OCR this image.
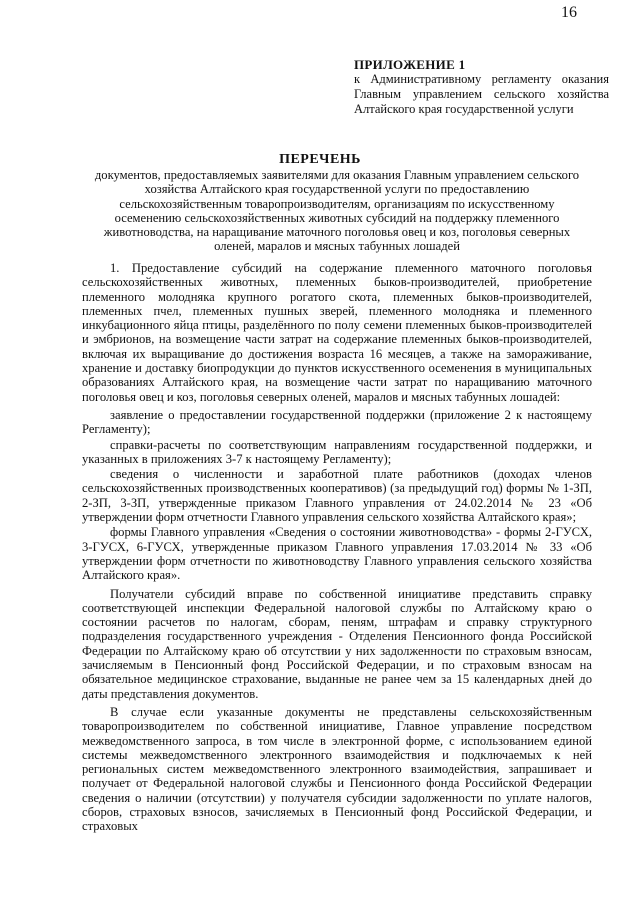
16
ПРИЛОЖЕНИЕ 1
к Административному регламенту оказания Главным управлением сельского хозяйства Алтайского края государственной услуги
ПЕРЕЧЕНЬ
документов, предоставляемых заявителями для оказания Главным управлением сельского хозяйства Алтайского края государственной услуги по предоставлению сельскохозяйственным товаропроизводителям, организациям по искусственному осеменению сельскохозяйственных животных субсидий на поддержку племенного животноводства, на наращивание маточного поголовья овец и коз, поголовья северных оленей, маралов и мясных табунных лошадей

1. Предоставление субсидий на содержание племенного маточного поголовья сельскохозяйственных животных, племенных быков-производителей, приобретение племенного молодняка крупного рогатого скота, племенных быков-производителей, племенных пчел, племенных пушных зверей, племенного молодняка и племенного инкубационного яйца птицы, разделённого по полу семени племенных быков-производителей и эмбрионов, на возмещение части затрат на содержание племенных быков-производителей, включая их выращивание до достижения возраста 16 месяцев, а также на замораживание, хранение и доставку биопродукции до пунктов искусственного осеменения в муниципальных образованиях Алтайского края, на возмещение части затрат по наращиванию маточного поголовья овец и коз, поголовья северных оленей, маралов и мясных табунных лошадей:

заявление о предоставлении государственной поддержки (приложение 2 к настоящему Регламенту);

справки-расчеты по соответствующим направлениям государственной поддержки, и указанных в приложениях 3-7 к настоящему Регламенту);

сведения о численности и заработной плате работников (доходах членов сельскохозяйственных производственных кооперативов) (за предыдущий год) формы № 1-ЗП, 2-ЗП, 3-ЗП, утвержденные приказом Главного управления от 24.02.2014 № 23 «Об утверждении форм отчетности Главного управления сельского хозяйства Алтайского края»;

формы Главного управления «Сведения о состоянии животноводства» - формы 2-ГУСХ, 3-ГУСХ, 6-ГУСХ, утвержденные приказом Главного управления 17.03.2014 № 33 «Об утверждении форм отчетности по животноводству Главного управления сельского хозяйства Алтайского края».

Получатели субсидий вправе по собственной инициативе представить справку соответствующей инспекции Федеральной налоговой службы по Алтайскому краю о состоянии расчетов по налогам, сборам, пеням, штрафам и справку структурного подразделения государственного учреждения - Отделения Пенсионного фонда Российской Федерации по Алтайскому краю об отсутствии у них задолженности по страховым взносам, зачисляемым в Пенсионный фонд Российской Федерации, и по страховым взносам на обязательное медицинское страхование, выданные не ранее чем за 15 календарных дней до даты представления документов.

В случае если указанные документы не представлены сельскохозяйственным товаропроизводителем по собственной инициативе, Главное управление посредством межведомственного запроса, в том числе в электронной форме, с использованием единой системы межведомственного электронного взаимодействия и подключаемых к ней региональных систем межведомственного электронного взаимодействия, запрашивает и получает от Федеральной налоговой службы и Пенсионного фонда Российской Федерации сведения о наличии (отсутствии) у получателя субсидии задолженности по уплате налогов, сборов, страховых взносов, зачисляемых в Пенсионный фонд Российской Федерации, и страховых
